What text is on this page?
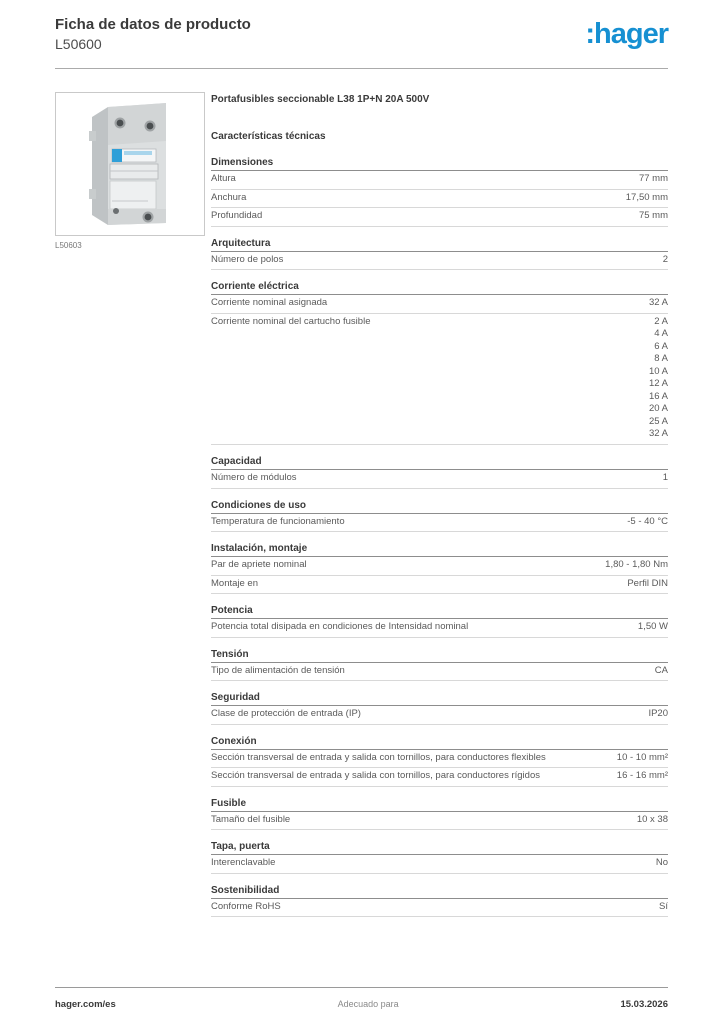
Ficha de datos de producto
L50600	:hager
L50603
Portafusibles seccionable L38 1P+N 20A 500V
Características técnicas
Dimensiones
Altura	77 mm
Anchura	17,50 mm
Profundidad	75 mm
Arquitectura
Número de polos	2
Corriente eléctrica
Corriente nominal asignada	32 A
Corriente nominal del cartucho fusible	2 A
4 A
6 A
8 A
10 A
12 A
16 A
20 A
25 A
32 A
Capacidad
Número de módulos	1
Condiciones de uso
Temperatura de funcionamiento	-5 - 40 °C
Instalación, montaje
Par de apriete nominal	1,80 - 1,80 Nm
Montaje en	Perfil DIN
Potencia
Potencia total disipada en condiciones de Intensidad nominal	1,50 W
Tensión
Tipo de alimentación de tensión	CA
Seguridad
Clase de protección de entrada (IP)	IP20
Conexión
Sección transversal de entrada y salida con tornillos, para conductores flexibles	10 - 10 mm²
Sección transversal de entrada y salida con tornillos, para conductores rígidos	16 - 16 mm²
Fusible
Tamaño del fusible	10 x 38
Tapa, puerta
Interenclavable	No
Sostenibilidad
Conforme RoHS	Sí
hager.com/es	Adecuado para	15.03.2026
